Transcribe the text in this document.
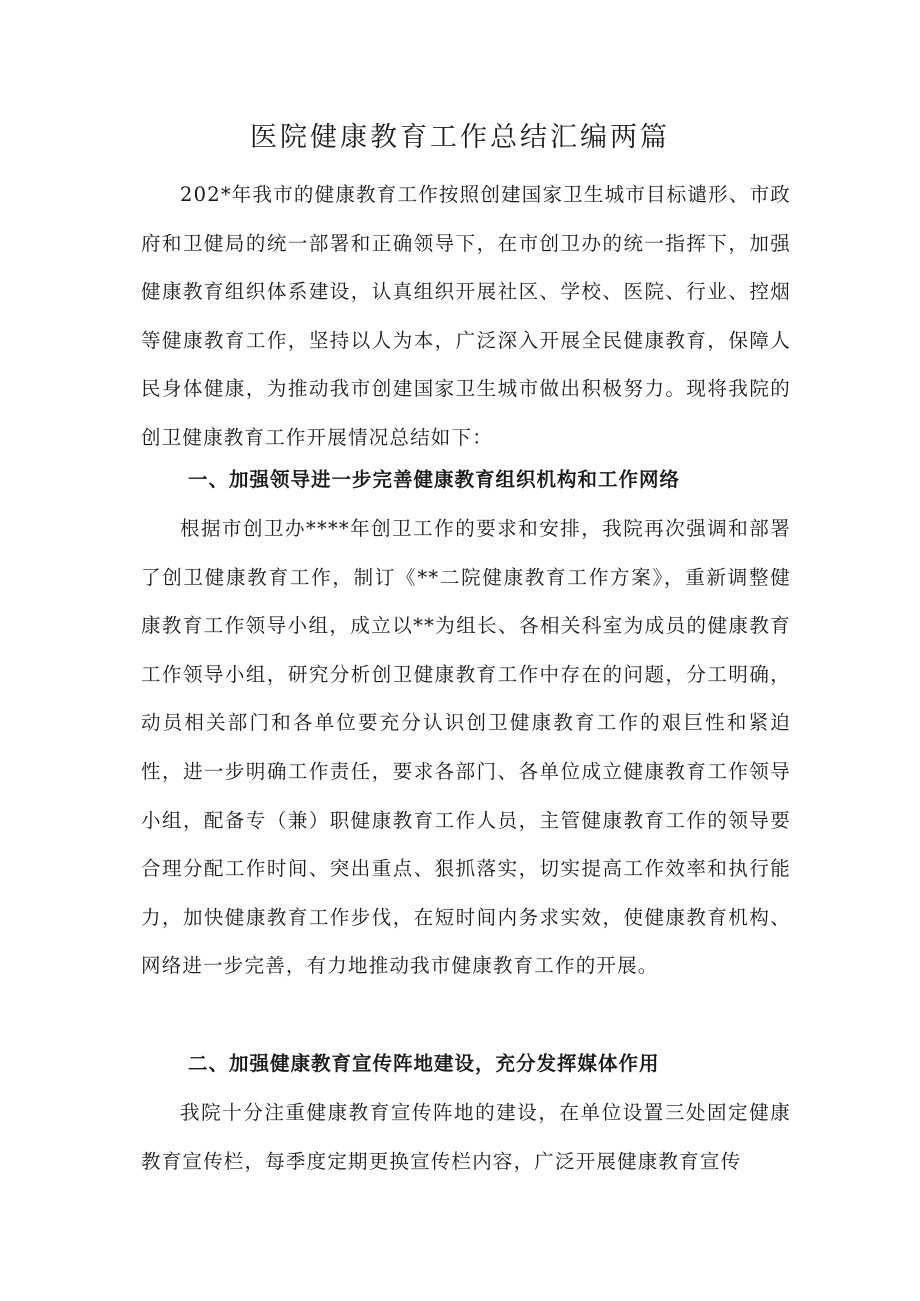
医院健康教育工作总结汇编两篇

202*年我市的健康教育工作按照创建国家卫生城市目标谴形、市政府和卫健局的统一部署和正确领导下，在市创卫办的统一指挥下，加强健康教育组织体系建设，认真组织开展社区、学校、医院、行业、控烟等健康教育工作，坚持以人为本，广泛深入开展全民健康教育，保障人民身体健康，为推动我市创建国家卫生城市做出积极努力。现将我院的创卫健康教育工作开展情况总结如下：

一、加强领导进一步完善健康教育组织机构和工作网络

根据市创卫办****年创卫工作的要求和安排，我院再次强调和部署了创卫健康教育工作，制订《**二院健康教育工作方案》，重新调整健康教育工作领导小组，成立以**为组长、各相关科室为成员的健康教育工作领导小组，研究分析创卫健康教育工作中存在的问题，分工明确，动员相关部门和各单位要充分认识创卫健康教育工作的艰巨性和紧迫性，进一步明确工作责任，要求各部门、各单位成立健康教育工作领导小组，配备专（兼）职健康教育工作人员，主管健康教育工作的领导要合理分配工作时间、突出重点、狠抓落实，切实提高工作效率和执行能力，加快健康教育工作步伐，在短时间内务求实效，使健康教育机构、网络进一步完善，有力地推动我市健康教育工作的开展。

二、加强健康教育宣传阵地建设，充分发挥媒体作用

我院十分注重健康教育宣传阵地的建设，在单位设置三处固定健康教育宣传栏，每季度定期更换宣传栏内容，广泛开展健康教育宣传
